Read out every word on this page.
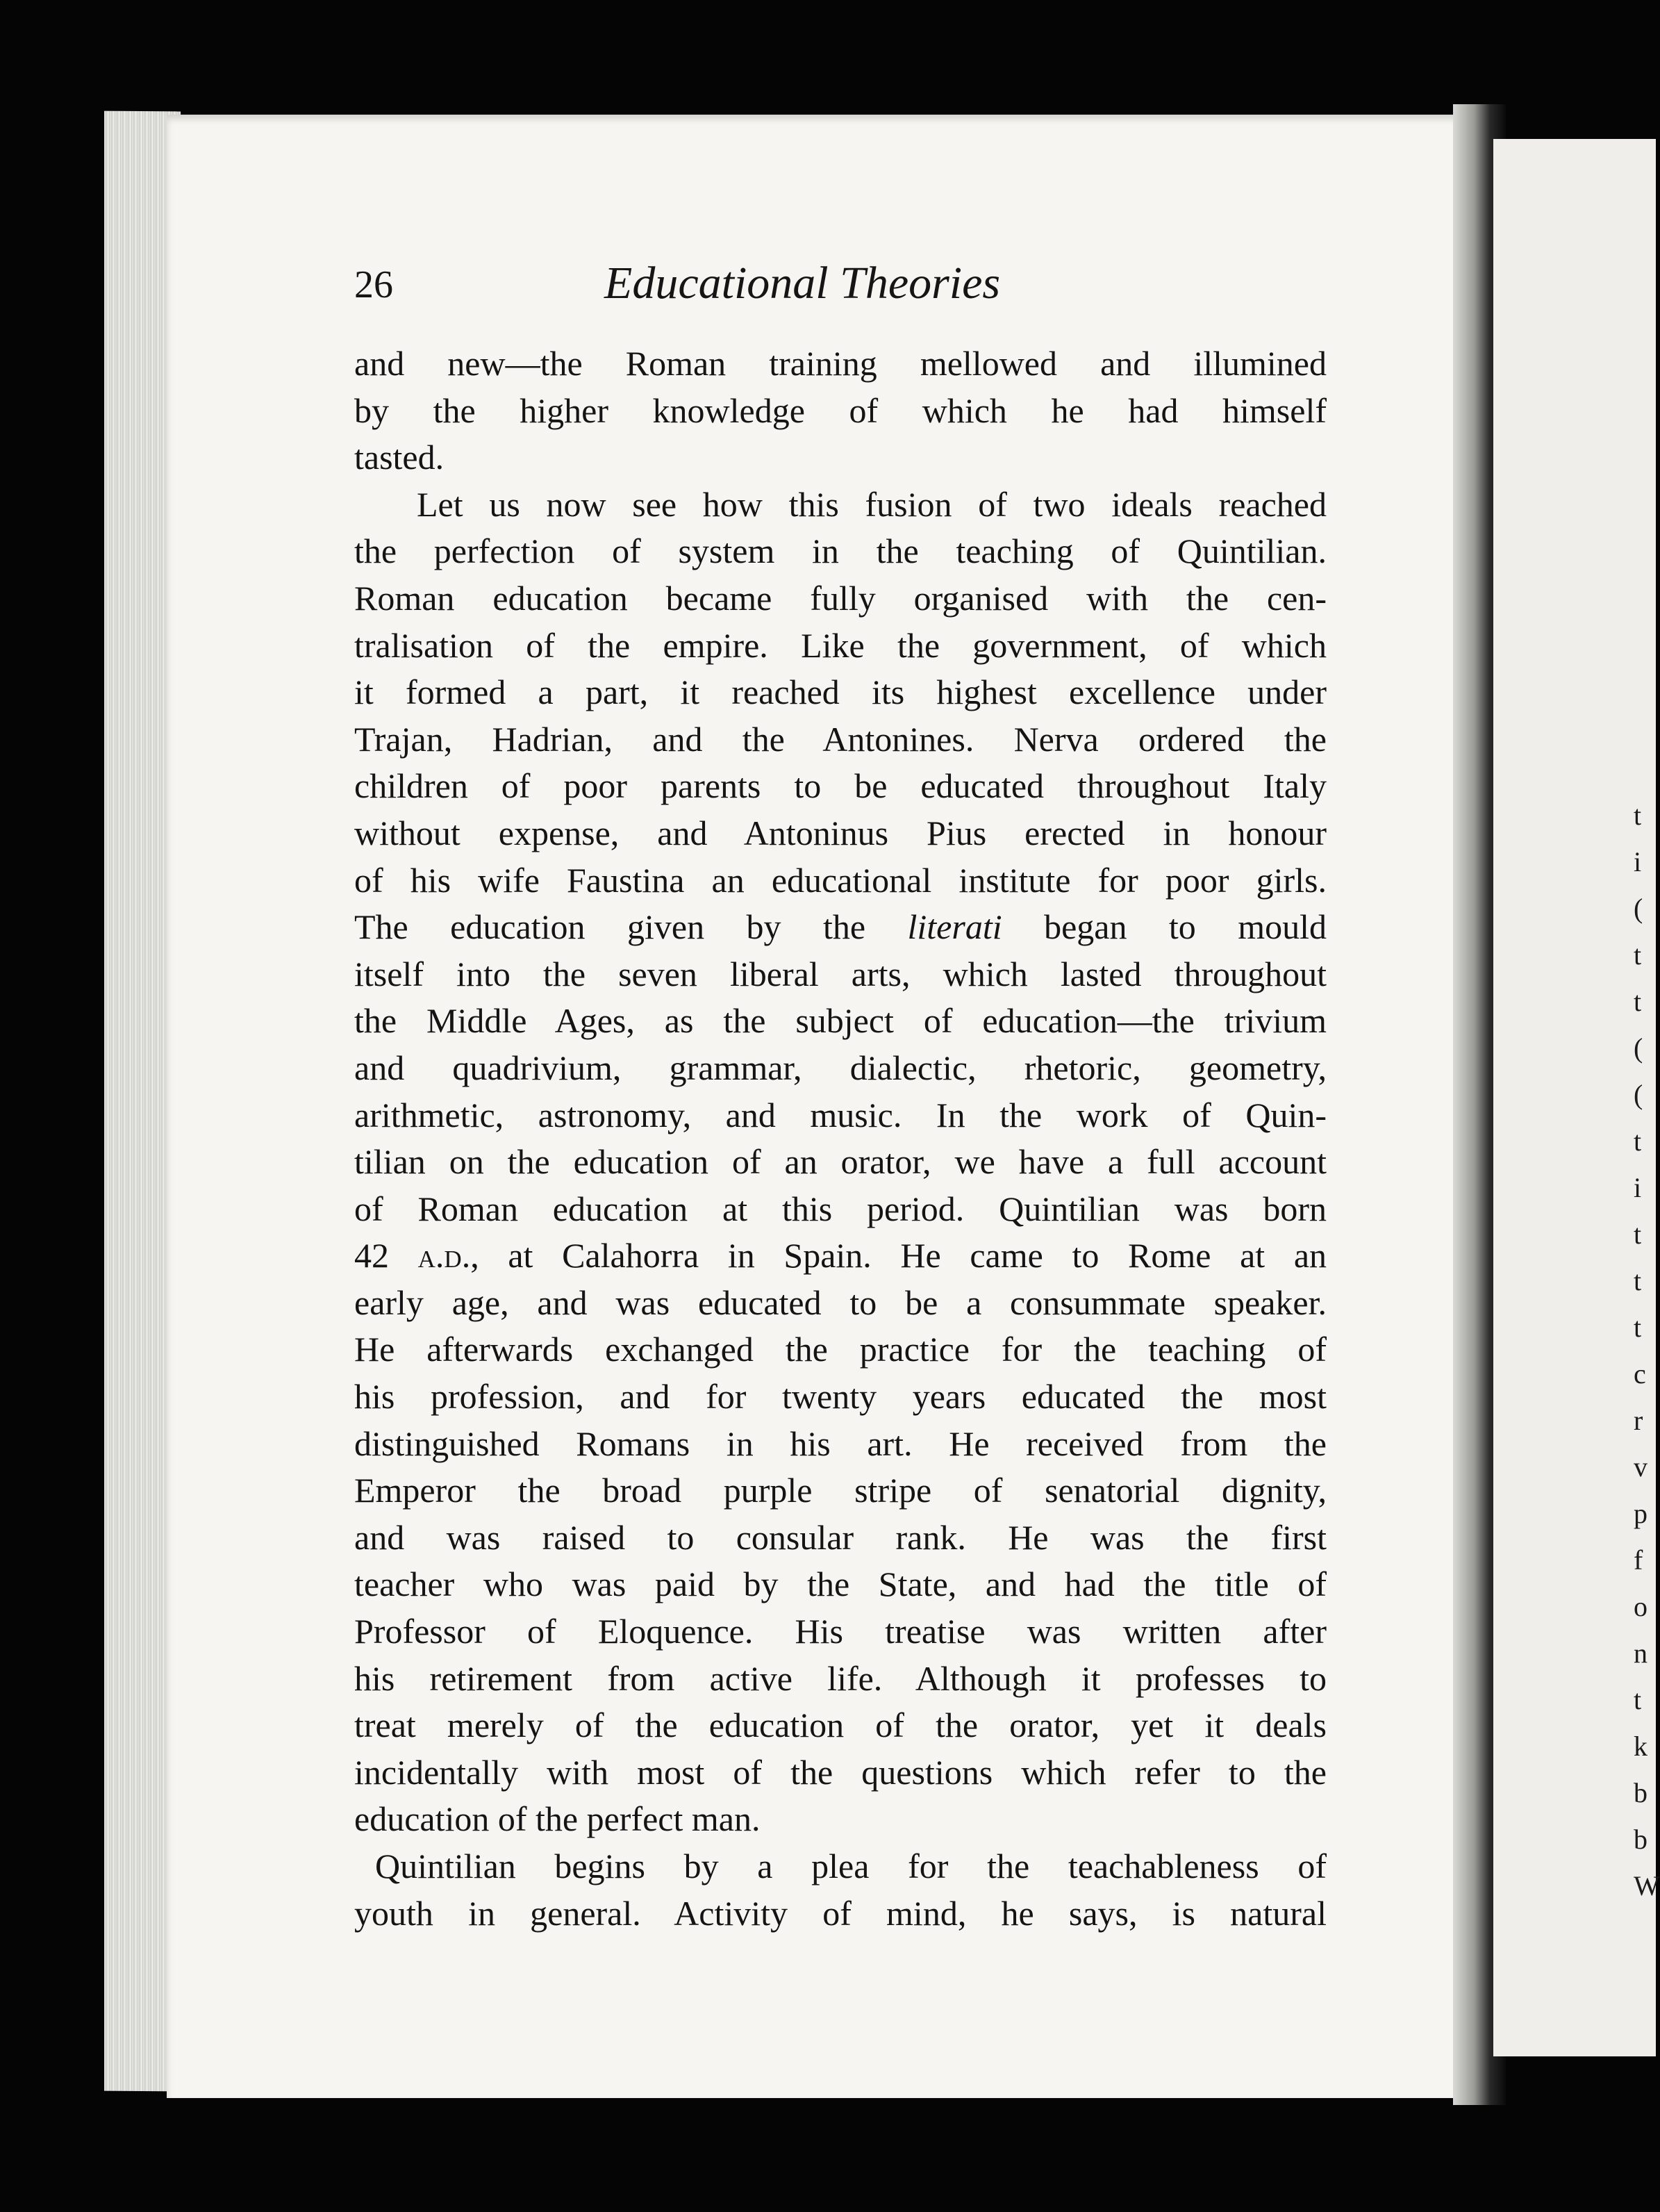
t
i
(
t
t
(
(
t
i
t
t
t
c
r
v
p
f
o
n
t
k
b
b
W
26	Educational Theories
and new—the Roman training mellowed and illumined
by the higher knowledge of which he had himself
tasted.
Let us now see how this fusion of two ideals reached
the perfection of system in the teaching of Quintilian.
Roman education became fully organised with the cen-
tralisation of the empire. Like the government, of which
it formed a part, it reached its highest excellence under
Trajan, Hadrian, and the Antonines. Nerva ordered the
children of poor parents to be educated throughout Italy
without expense, and Antoninus Pius erected in honour
of his wife Faustina an educational institute for poor girls.
The education given by the literati began to mould
itself into the seven liberal arts, which lasted throughout
the Middle Ages, as the subject of education—the trivium
and quadrivium, grammar, dialectic, rhetoric, geometry,
arithmetic, astronomy, and music. In the work of Quin-
tilian on the education of an orator, we have a full account
of Roman education at this period. Quintilian was born
42 a.d., at Calahorra in Spain. He came to Rome at an
early age, and was educated to be a consummate speaker.
He afterwards exchanged the practice for the teaching of
his profession, and for twenty years educated the most
distinguished Romans in his art. He received from the
Emperor the broad purple stripe of senatorial dignity,
and was raised to consular rank. He was the first
teacher who was paid by the State, and had the title of
Professor of Eloquence. His treatise was written after
his retirement from active life. Although it professes to
treat merely of the education of the orator, yet it deals
incidentally with most of the questions which refer to the
education of the perfect man.
Quintilian begins by a plea for the teachableness of
youth in general. Activity of mind, he says, is natural
